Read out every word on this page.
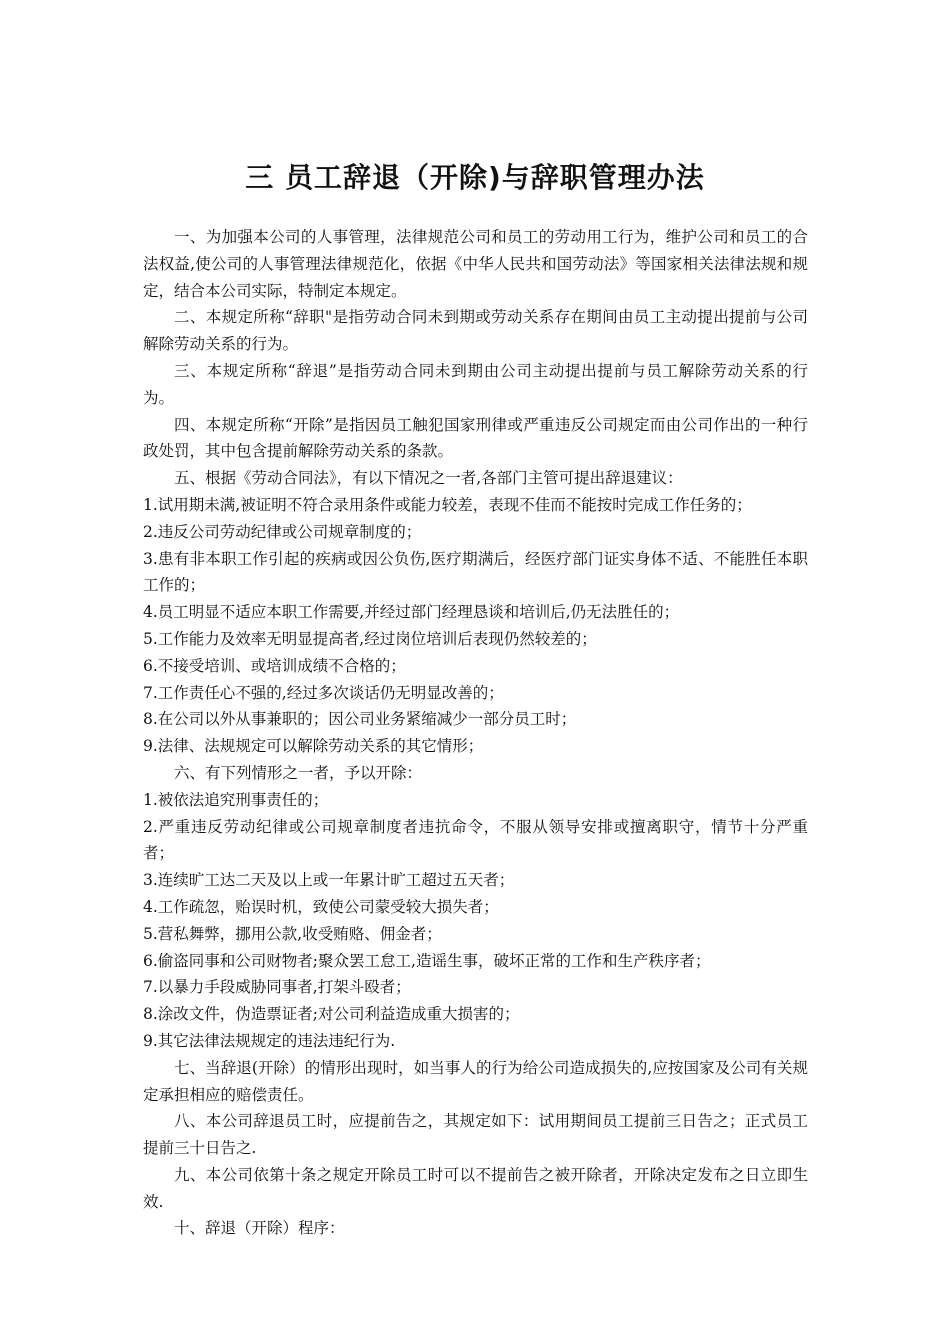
三 员工辞退（开除)与辞职管理办法

一、为加强本公司的人事管理，法律规范公司和员工的劳动用工行为，维护公司和员工的合法权益,使公司的人事管理法律规范化，依据《中华人民共和国劳动法》等国家相关法律法规和规定，结合本公司实际，特制定本规定。

二、本规定所称“辞职"是指劳动合同未到期或劳动关系存在期间由员工主动提出提前与公司解除劳动关系的行为。

三、本规定所称“辞退”是指劳动合同未到期由公司主动提出提前与员工解除劳动关系的行为。

四、本规定所称“开除”是指因员工触犯国家刑律或严重违反公司规定而由公司作出的一种行政处罚，其中包含提前解除劳动关系的条款。

五、根据《劳动合同法》，有以下情况之一者,各部门主管可提出辞退建议：

1.试用期未满,被证明不符合录用条件或能力较差，表现不佳而不能按时完成工作任务的；

2.违反公司劳动纪律或公司规章制度的；

3.患有非本职工作引起的疾病或因公负伤,医疗期满后，经医疗部门证实身体不适、不能胜任本职工作的；

4.员工明显不适应本职工作需要,并经过部门经理恳谈和培训后,仍无法胜任的；

5.工作能力及效率无明显提高者,经过岗位培训后表现仍然较差的；

6.不接受培训、或培训成绩不合格的；

7.工作责任心不强的,经过多次谈话仍无明显改善的；

8.在公司以外从事兼职的；因公司业务紧缩减少一部分员工时；

9.法律、法规规定可以解除劳动关系的其它情形；

六、有下列情形之一者，予以开除：

1.被依法追究刑事责任的；

2.严重违反劳动纪律或公司规章制度者违抗命令，不服从领导安排或擅离职守，情节十分严重者；

3.连续旷工达二天及以上或一年累计旷工超过五天者；

4.工作疏忽，贻误时机，致使公司蒙受较大损失者；

5.营私舞弊，挪用公款,收受贿赂、佣金者；

6.偷盗同事和公司财物者;聚众罢工怠工,造谣生事，破坏正常的工作和生产秩序者；

7.以暴力手段威胁同事者,打架斗殴者；

8.涂改文件，伪造票证者;对公司利益造成重大损害的；

9.其它法律法规规定的违法违纪行为.

七、当辞退(开除）的情形出现时，如当事人的行为给公司造成损失的,应按国家及公司有关规定承担相应的赔偿责任。

八、本公司辞退员工时，应提前告之，其规定如下：试用期间员工提前三日告之；正式员工提前三十日告之.

九、本公司依第十条之规定开除员工时可以不提前告之被开除者，开除决定发布之日立即生效.

十、辞退（开除）程序：
